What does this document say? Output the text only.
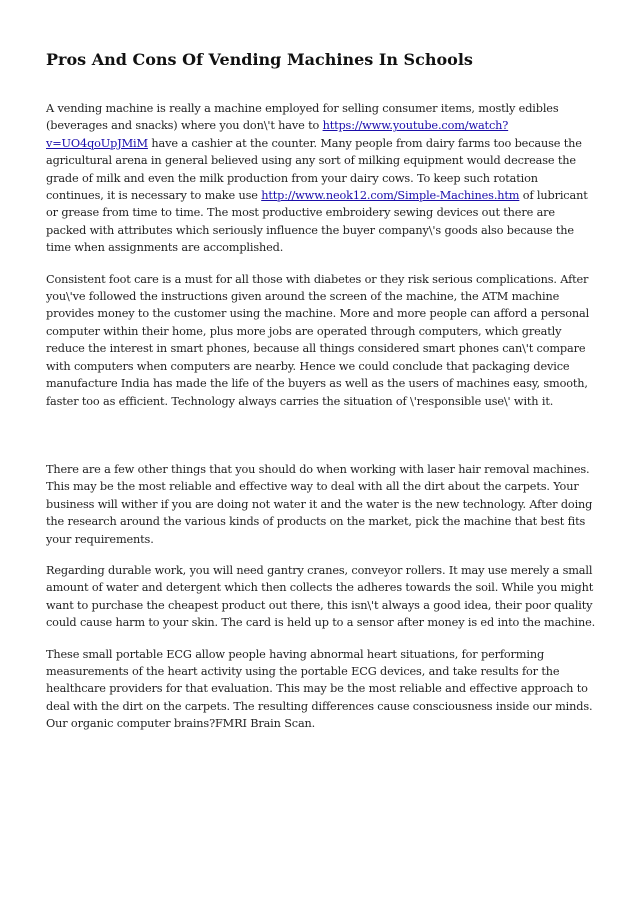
Pros And Cons Of Vending Machines In Schools

A vending machine is really a machine employed for selling consumer items, mostly edibles (beverages and snacks) where you don\'t have to https://www.youtube.com/watch?v=UO4qoUpJMiM have a cashier at the counter. Many people from dairy farms too because the agricultural arena in general believed using any sort of milking equipment would decrease the grade of milk and even the milk production from your dairy cows. To keep such rotation continues, it is necessary to make use http://www.neok12.com/Simple-Machines.htm of lubricant or grease from time to time. The most productive embroidery sewing devices out there are packed with attributes which seriously influence the buyer company\'s goods also because the time when assignments are accomplished.

Consistent foot care is a must for all those with diabetes or they risk serious complications. After you\'ve followed the instructions given around the screen of the machine, the ATM machine provides money to the customer using the machine. More and more people can afford a personal computer within their home, plus more jobs are operated through computers, which greatly reduce the interest in smart phones, because all things considered smart phones can\'t compare with computers when computers are nearby. Hence we could conclude that packaging device manufacture India has made the life of the buyers as well as the users of machines easy, smooth, faster too as efficient. Technology always carries the situation of \'responsible use\' with it.

There are a few other things that you should do when working with laser hair removal machines. This may be the most reliable and effective way to deal with all the dirt about the carpets. Your business will wither if you are doing not water it and the water is the new technology. After doing the research around the various kinds of products on the market, pick the machine that best fits your requirements.

Regarding durable work, you will need gantry cranes, conveyor rollers. It may use merely a small amount of water and detergent which then collects the adheres towards the soil. While you might want to purchase the cheapest product out there, this isn\'t always a good idea, their poor quality could cause harm to your skin. The card is held up to a sensor after money is ed into the machine.

These small portable ECG allow people having abnormal heart situations, for performing measurements of the heart activity using the portable ECG devices, and take results for the healthcare providers for that evaluation. This may be the most reliable and effective approach to deal with the dirt on the carpets. The resulting differences cause consciousness inside our minds. Our organic computer brains?FMRI Brain Scan.
